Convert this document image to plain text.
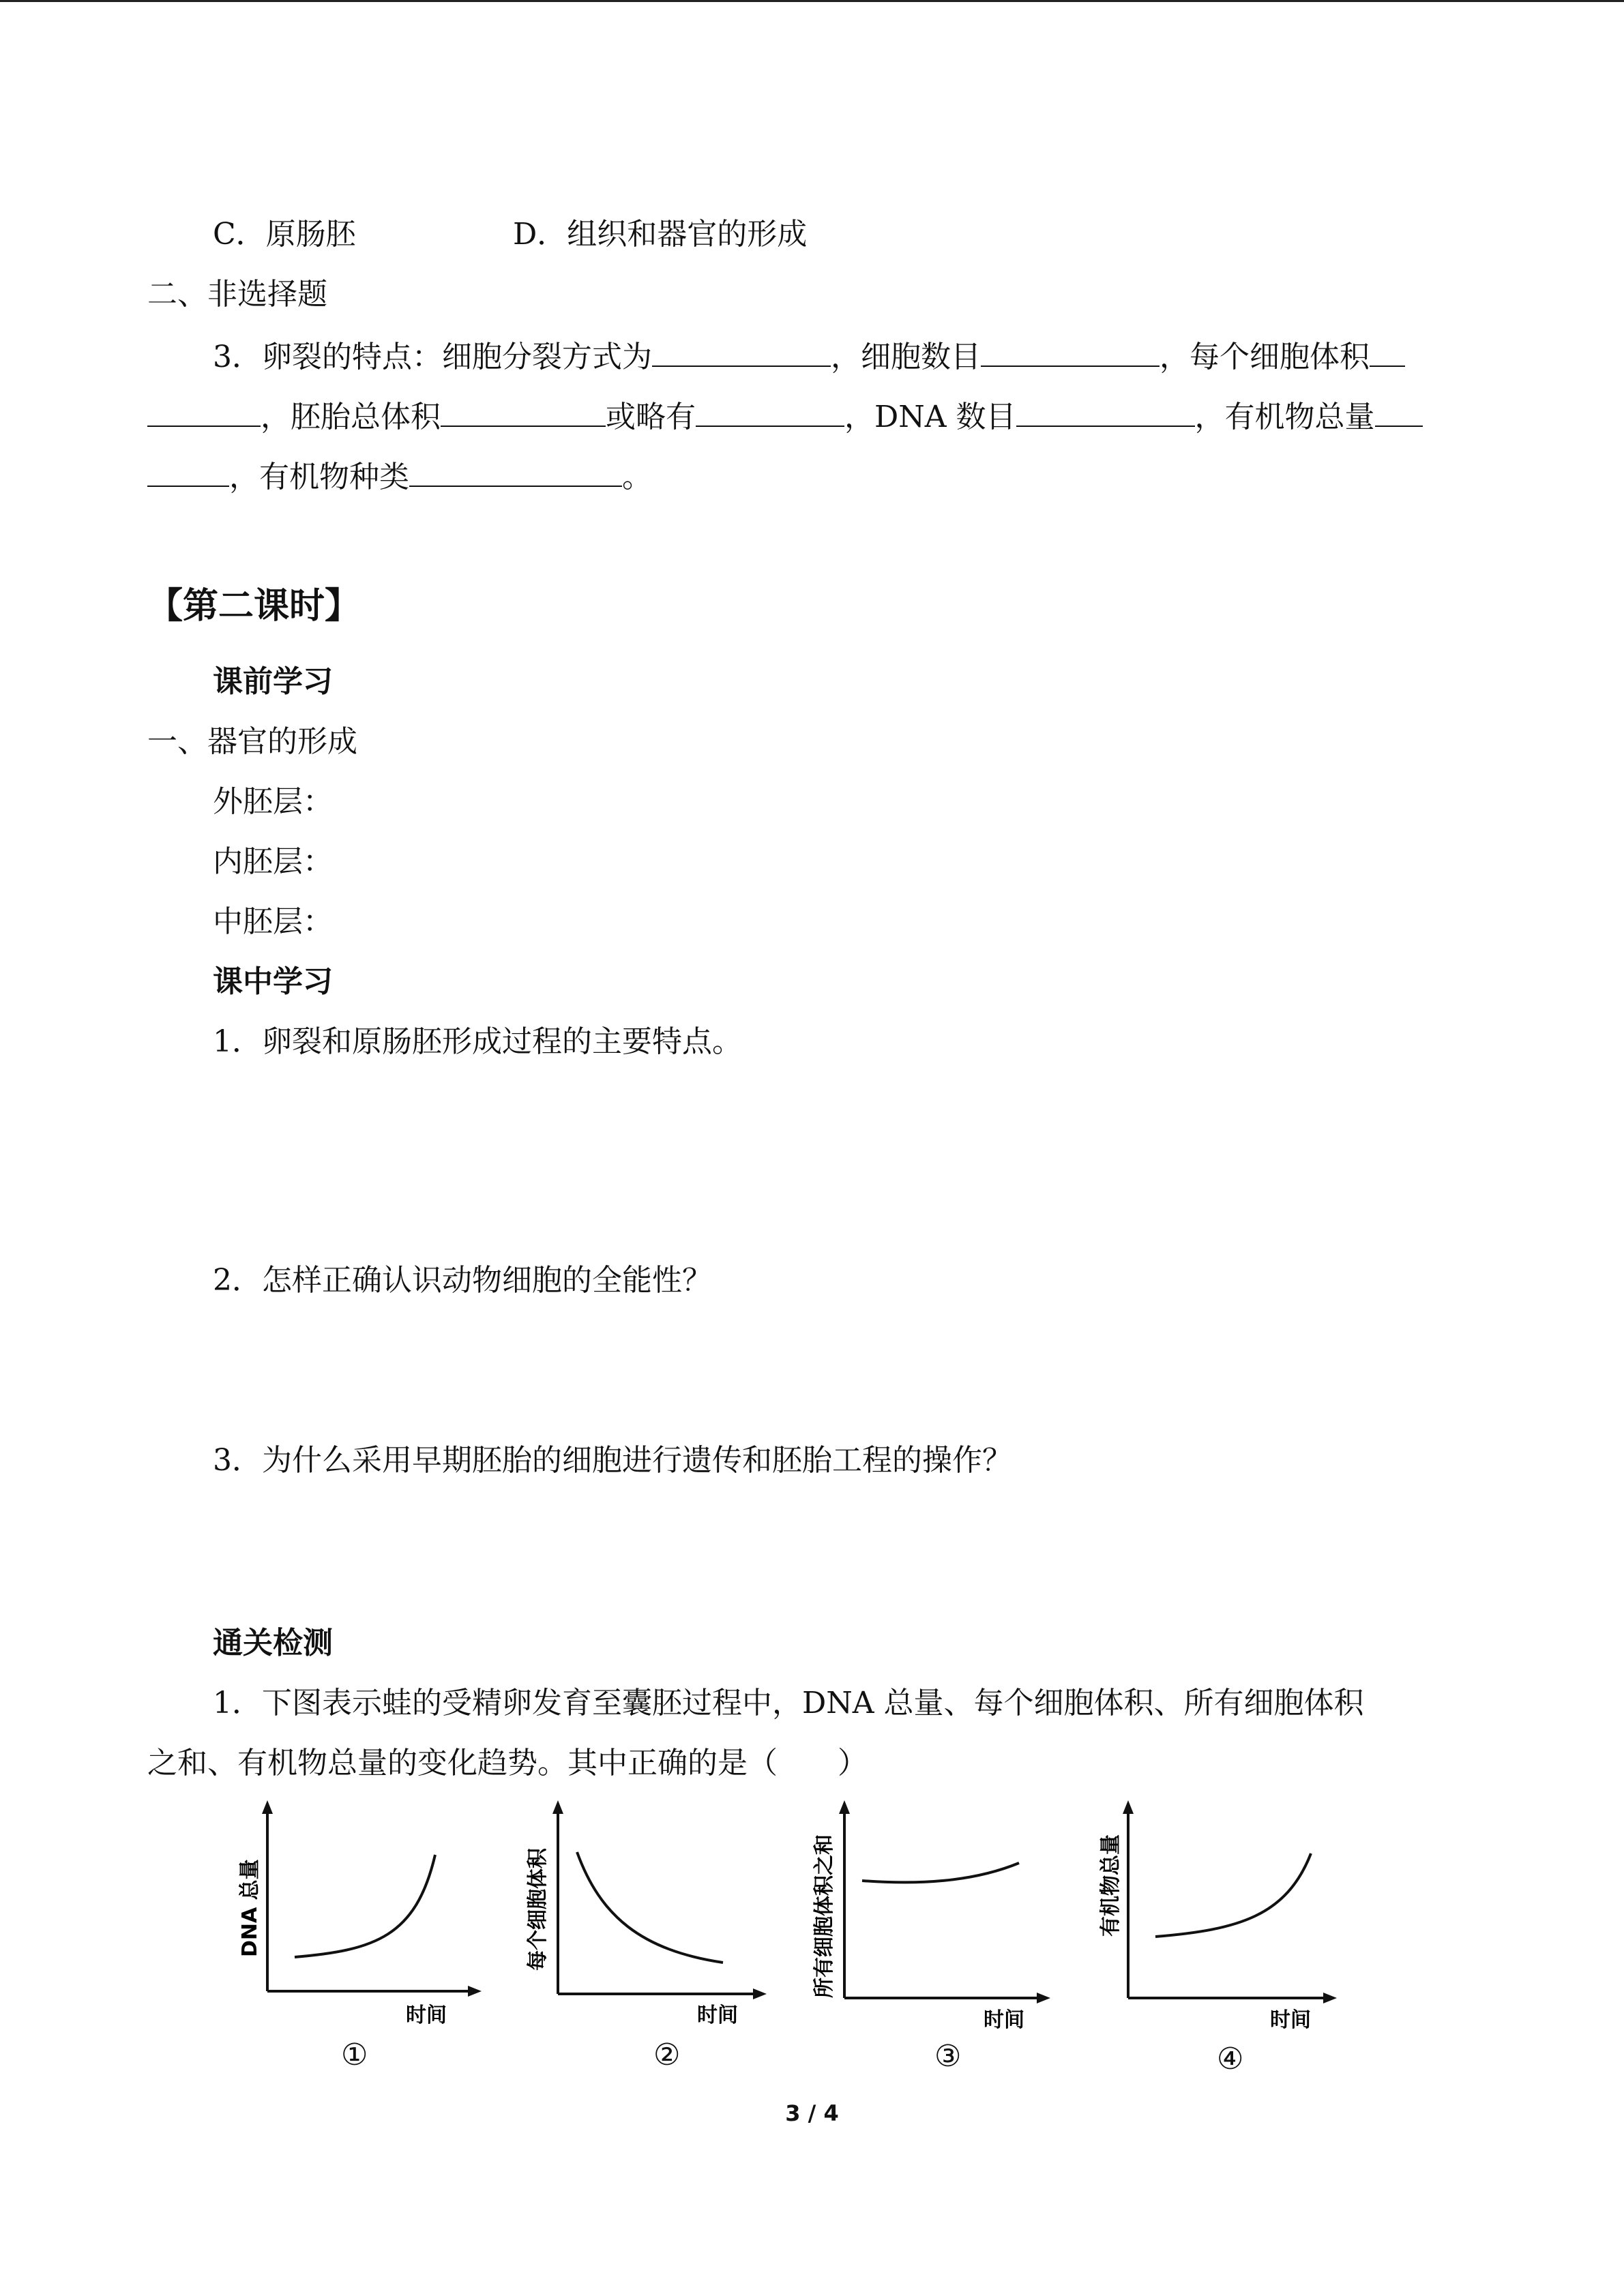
C．原肠胚	D．组织和器官的形成
二、非选择题
3．卵裂的特点：细胞分裂方式为	，细胞数目	，每个细胞体积
，胚胎总体积	或略有	，DNA 数目	，有机物总量
，有机物种类	。
【第二课时】
课前学习
一、器官的形成
外胚层：
内胚层：
中胚层：
课中学习
1．卵裂和原肠胚形成过程的主要特点。
2．怎样正确认识动物细胞的全能性？
3．为什么采用早期胚胎的细胞进行遗传和胚胎工程的操作？
通关检测
1．下图表示蛙的受精卵发育至囊胚过程中，DNA 总量、每个细胞体积、所有细胞体积
之和、有机物总量的变化趋势。其中正确的是（　　）
DNA 总量
时间
①
每个细胞体积
时间
②
所有细胞体积之和
时间
③
有机物总量
时间
④
3 / 4
